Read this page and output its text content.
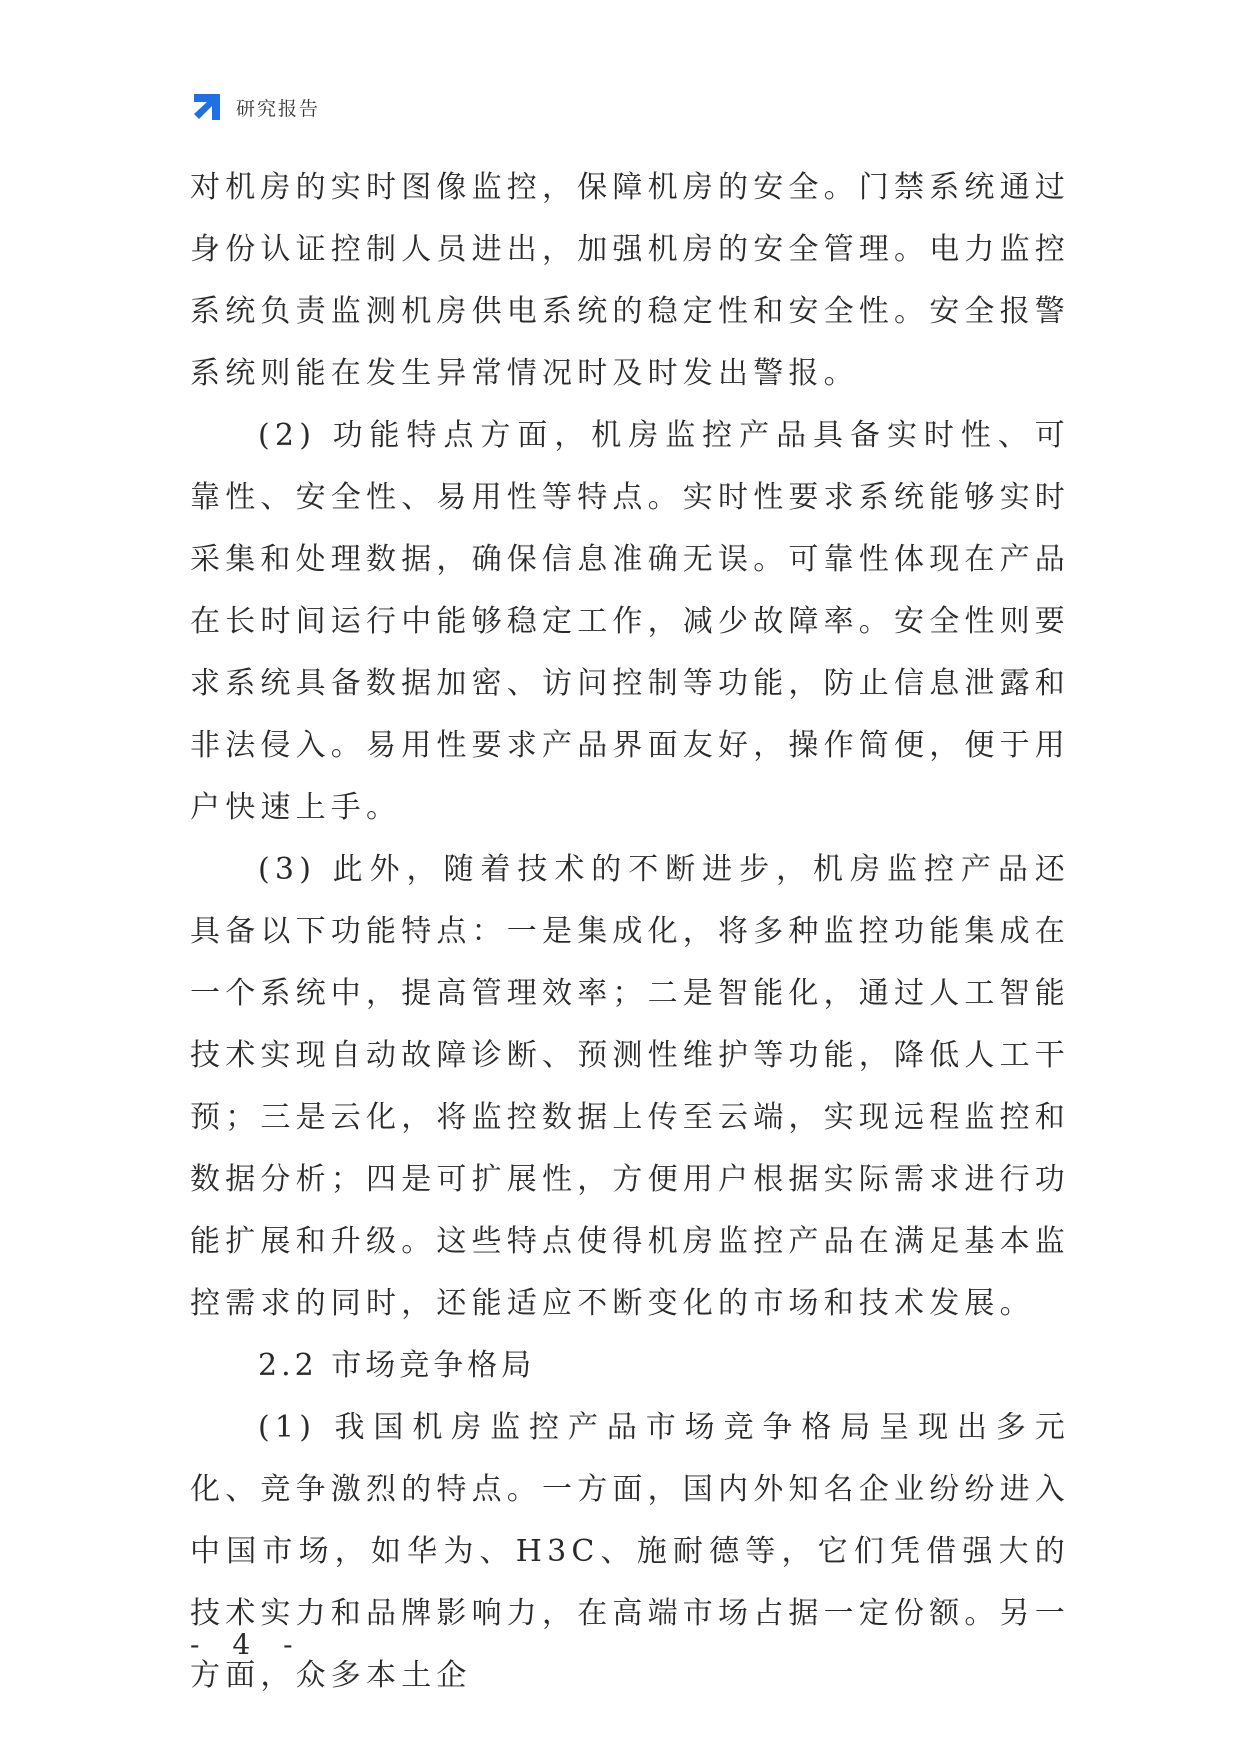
研究报告

对机房的实时图像监控，保障机房的安全。门禁系统通过身份认证控制人员进出，加强机房的安全管理。电力监控系统负责监测机房供电系统的稳定性和安全性。安全报警系统则能在发生异常情况时及时发出警报。

(2) 功能特点方面，机房监控产品具备实时性、可靠性、安全性、易用性等特点。实时性要求系统能够实时采集和处理数据，确保信息准确无误。可靠性体现在产品在长时间运行中能够稳定工作，减少故障率。安全性则要求系统具备数据加密、访问控制等功能，防止信息泄露和非法侵入。易用性要求产品界面友好，操作简便，便于用户快速上手。

(3) 此外，随着技术的不断进步，机房监控产品还具备以下功能特点：一是集成化，将多种监控功能集成在一个系统中，提高管理效率；二是智能化，通过人工智能技术实现自动故障诊断、预测性维护等功能，降低人工干预；三是云化，将监控数据上传至云端，实现远程监控和数据分析；四是可扩展性，方便用户根据实际需求进行功能扩展和升级。这些特点使得机房监控产品在满足基本监控需求的同时，还能适应不断变化的市场和技术发展。

2.2 市场竞争格局

(1) 我国机房监控产品市场竞争格局呈现出多元化、竞争激烈的特点。一方面，国内外知名企业纷纷进入中国市场，如华为、H3C、施耐德等，它们凭借强大的技术实力和品牌影响力，在高端市场占据一定份额。另一方面，众多本土企

- 4 -
